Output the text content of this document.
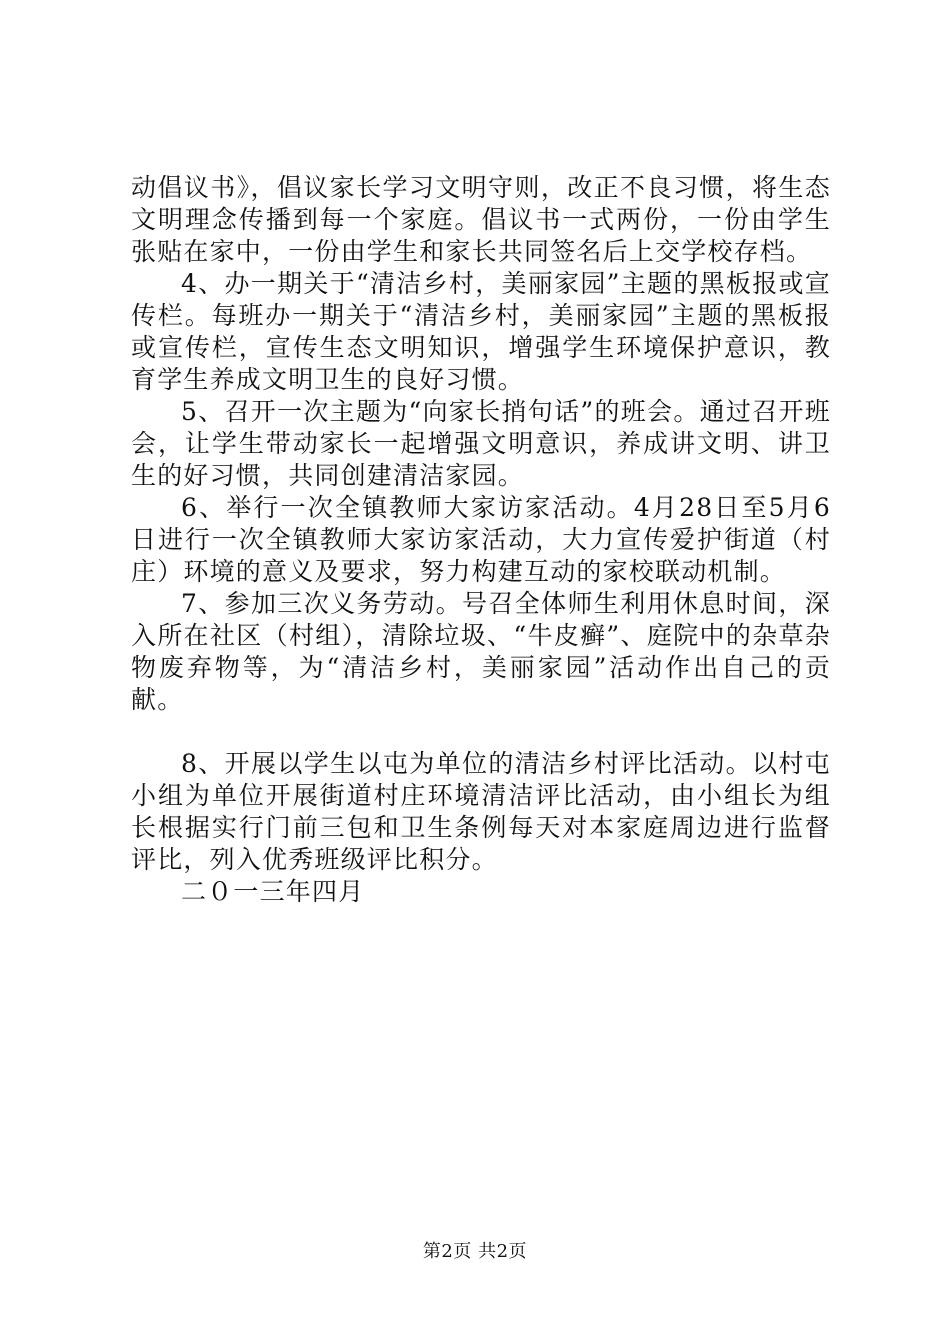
动倡议书》，倡议家长学习文明守则，改正不良习惯，将生态文明理念传播到每一个家庭。倡议书一式两份，一份由学生张贴在家中，一份由学生和家长共同签名后上交学校存档。

4、办一期关于“清洁乡村，美丽家园”主题的黑板报或宣传栏。每班办一期关于“清洁乡村，美丽家园”主题的黑板报或宣传栏，宣传生态文明知识，增强学生环境保护意识，教育学生养成文明卫生的良好习惯。

5、召开一次主题为“向家长捎句话”的班会。通过召开班会，让学生带动家长一起增强文明意识，养成讲文明、讲卫生的好习惯，共同创建清洁家园。

6、举行一次全镇教师大家访家活动。4月28日至5月6日进行一次全镇教师大家访家活动，大力宣传爱护街道（村庄）环境的意义及要求，努力构建互动的家校联动机制。

7、参加三次义务劳动。号召全体师生利用休息时间，深入所在社区（村组），清除垃圾、“牛皮癣”、庭院中的杂草杂物废弃物等，为“清洁乡村，美丽家园”活动作出自己的贡献。

8、开展以学生以屯为单位的清洁乡村评比活动。以村屯小组为单位开展街道村庄环境清洁评比活动，由小组长为组长根据实行门前三包和卫生条例每天对本家庭周边进行监督评比，列入优秀班级评比积分。

二０一三年四月

第2页 共2页
